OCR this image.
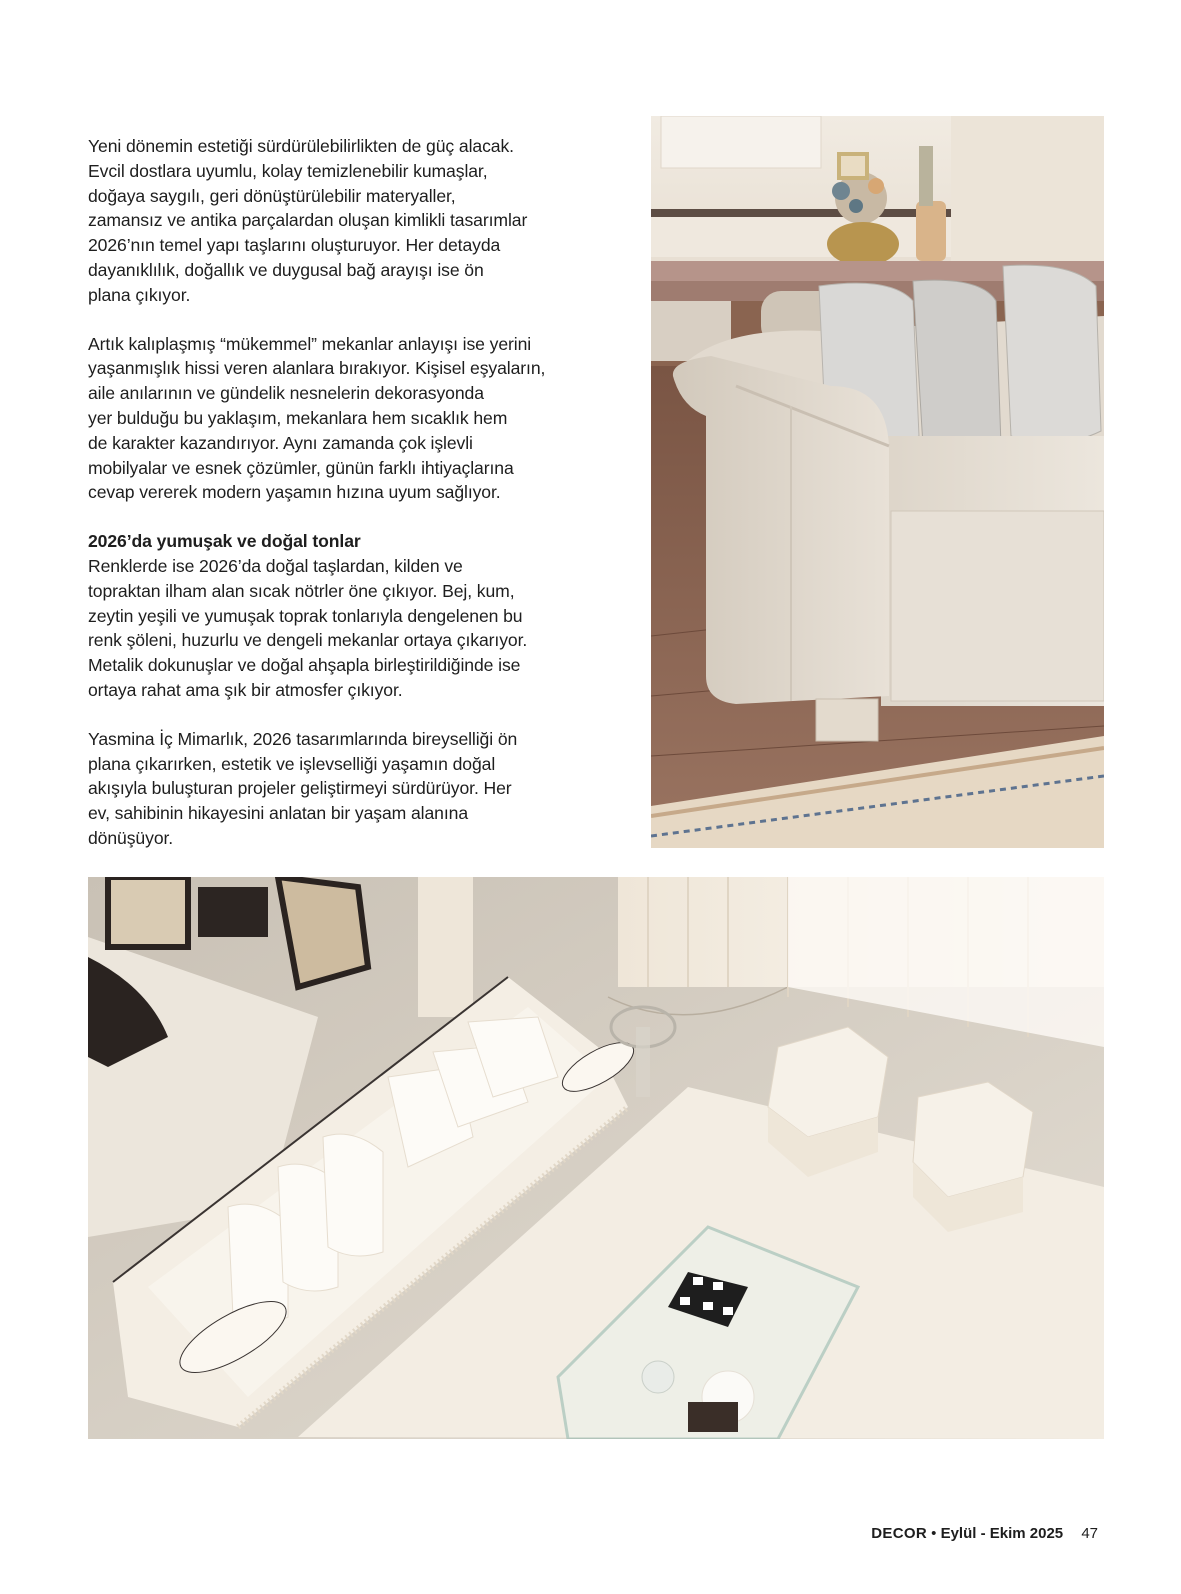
Yeni dönemin estetiği sürdürülebilirlikten de güç alacak.
Evcil dostlara uyumlu, kolay temizlenebilir kumaşlar,
doğaya saygılı, geri dönüştürülebilir materyaller,
zamansız ve antika parçalardan oluşan kimlikli tasarımlar
2026’nın temel yapı taşlarını oluşturuyor. Her detayda
dayanıklılık, doğallık ve duygusal bağ arayışı ise ön
plana çıkıyor.

Artık kalıplaşmış “mükemmel” mekanlar anlayışı ise yerini
yaşanmışlık hissi veren alanlara bırakıyor. Kişisel eşyaların,
aile anılarının ve gündelik nesnelerin dekorasyonda
yer bulduğu bu yaklaşım, mekanlara hem sıcaklık hem
de karakter kazandırıyor. Aynı zamanda çok işlevli
mobilyalar ve esnek çözümler, günün farklı ihtiyaçlarına
cevap vererek modern yaşamın hızına uyum sağlıyor.

2026’da yumuşak ve doğal tonlar

Renklerde ise 2026’da doğal taşlardan, kilden ve
topraktan ilham alan sıcak nötrler öne çıkıyor. Bej, kum,
zeytin yeşili ve yumuşak toprak tonlarıyla dengelenen bu
renk şöleni, huzurlu ve dengeli mekanlar ortaya çıkarıyor.
Metalik dokunuşlar ve doğal ahşapla birleştirildiğinde ise
ortaya rahat ama şık bir atmosfer çıkıyor.

Yasmina İç Mimarlık, 2026 tasarımlarında bireyselliği ön
plana çıkarırken, estetik ve işlevselliği yaşamın doğal
akışıyla buluşturan projeler geliştirmeyi sürdürüyor. Her
ev, sahibinin hikayesini anlatan bir yaşam alanına
dönüşüyor.

DECOR • Eylül - Ekim 2025 47
